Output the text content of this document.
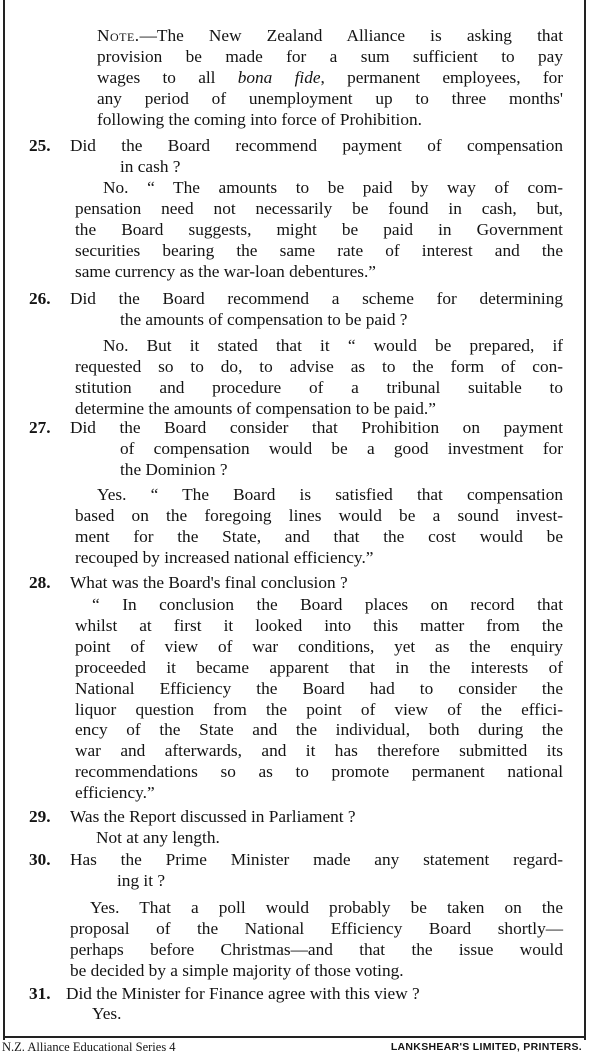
Note.—The New Zealand Alliance is asking that
provision be made for a sum sufficient to pay
wages to all bona fide, permanent employees, for
any period of unemployment up to three months'
following the coming into force of Prohibition.
25. Did the Board recommend payment of compensation
in cash ?
No. “ The amounts to be paid by way of com-
pensation need not necessarily be found in cash, but,
the Board suggests, might be paid in Government
securities bearing the same rate of interest and the
same currency as the war-loan debentures.”
26. Did the Board recommend a scheme for determining
the amounts of compensation to be paid ?
No. But it stated that it “ would be prepared, if
requested so to do, to advise as to the form of con-
stitution and procedure of a tribunal suitable to
determine the amounts of compensation to be paid.”
27. Did the Board consider that Prohibition on payment
of compensation would be a good investment for
the Dominion ?
Yes. “ The Board is satisfied that compensation
based on the foregoing lines would be a sound invest-
ment for the State, and that the cost would be
recouped by increased national efficiency.”
28. What was the Board's final conclusion ?
“ In conclusion the Board places on record that
whilst at first it looked into this matter from the
point of view of war conditions, yet as the enquiry
proceeded it became apparent that in the interests of
National Efficiency the Board had to consider the
liquor question from the point of view of the effici-
ency of the State and the individual, both during the
war and afterwards, and it has therefore submitted its
recommendations so as to promote permanent national
efficiency.”
29. Was the Report discussed in Parliament ?
Not at any length.
30. Has the Prime Minister made any statement regard-
ing it ?
Yes. That a poll would probably be taken on the
proposal of the National Efficiency Board shortly—
perhaps before Christmas—and that the issue would
be decided by a simple majority of those voting.
31. Did the Minister for Finance agree with this view ?
Yes.
N.Z. Alliance Educational Series 4	LANKSHEAR'S LIMITED, PRINTERS.
